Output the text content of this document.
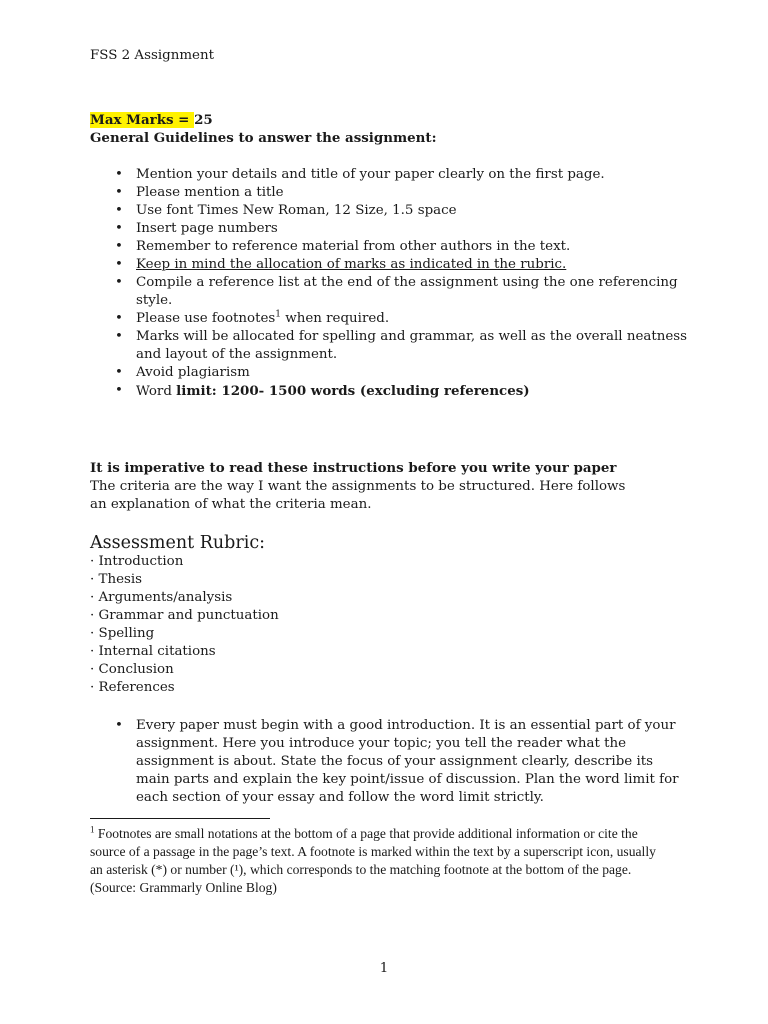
FSS 2 Assignment
Max Marks = 25
General Guidelines to answer the assignment:
• Mention your details and title of your paper clearly on the first page.
• Please mention a title
• Use font Times New Roman, 12 Size, 1.5 space
• Insert page numbers
• Remember to reference material from other authors in the text.
• Keep in mind the allocation of marks as indicated in the rubric.
• Compile a reference list at the end of the assignment using the one referencing style.
• Please use footnotes$^1$ when required.
• Marks will be allocated for spelling and grammar, as well as the overall neatness and layout of the assignment.
• Avoid plagiarism
• Word limit: 1200- 1500 words (excluding references)
It is imperative to read these instructions before you write your paper
The criteria are the way I want the assignments to be structured. Here follows an explanation of what the criteria mean.
Assessment Rubric:
· Introduction
· Thesis
· Arguments/analysis
· Grammar and punctuation
· Spelling
· Internal citations
· Conclusion
· References
• Every paper must begin with a good introduction. It is an essential part of your assignment. Here you introduce your topic; you tell the reader what the assignment is about. State the focus of your assignment clearly, describe its main parts and explain the key point/issue of discussion. Plan the word limit for each section of your essay and follow the word limit strictly.
$^1$ Footnotes are small notations at the bottom of a page that provide additional information or cite the source of a passage in the page’s text. A footnote is marked within the text by a superscript icon, usually an asterisk (*) or number (¹), which corresponds to the matching footnote at the bottom of the page. (Source: Grammarly Online Blog)
1
